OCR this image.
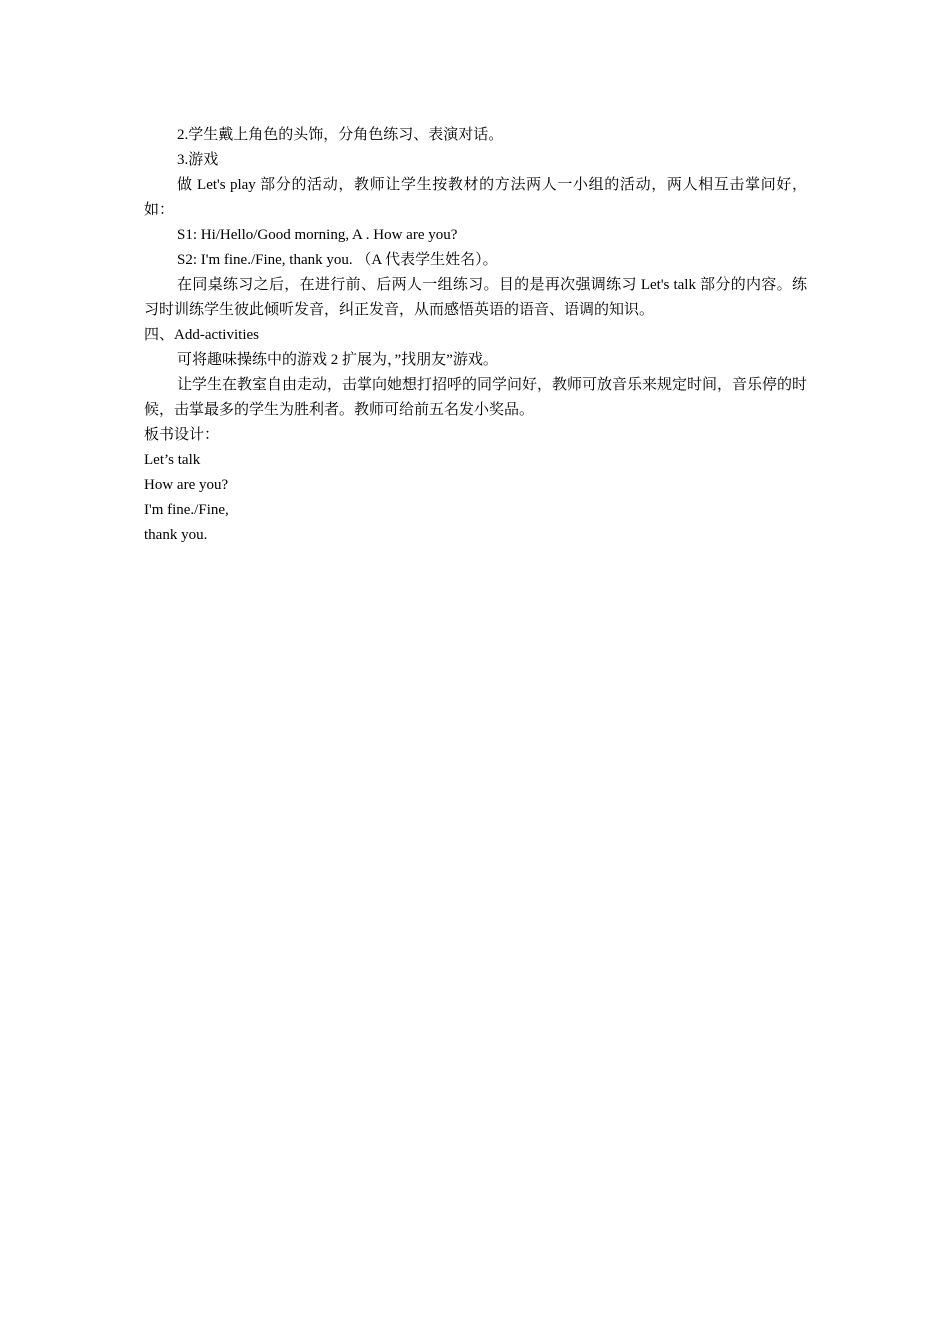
2.学生戴上角色的头饰，分角色练习、表演对话。

3.游戏

做 Let's play 部分的活动，教师让学生按教材的方法两人一小组的活动，两人相互击掌问好，如：

S1: Hi/Hello/Good morning, A . How are you?

S2: I'm fine./Fine, thank you. （A 代表学生姓名）。

在同桌练习之后，在进行前、后两人一组练习。目的是再次强调练习 Let's talk 部分的内容。练习时训练学生彼此倾听发音，纠正发音，从而感悟英语的语音、语调的知识。

四、Add-activities

可将趣味操练中的游戏 2 扩展为，”找朋友”游戏。

让学生在教室自由走动，击掌向她想打招呼的同学问好，教师可放音乐来规定时间，音乐停的时候，击掌最多的学生为胜利者。教师可给前五名发小奖品。

板书设计：

Let’s talk

How are you?

I'm fine./Fine,

thank you.
